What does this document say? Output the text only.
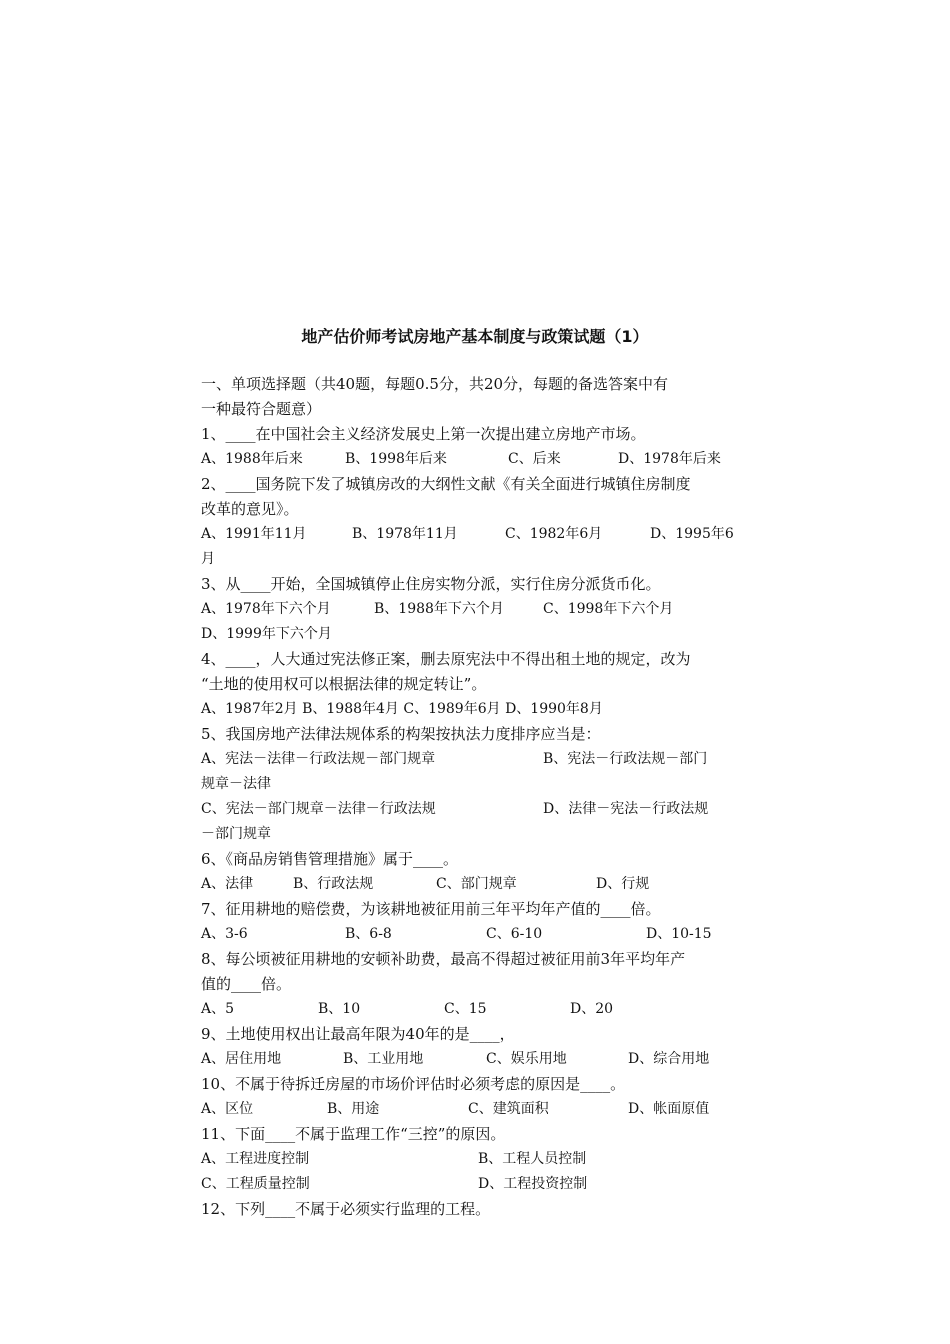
地产估价师考试房地产基本制度与政策试题（1）
一、单项选择题（共40题，每题0.5分，共20分，每题的备选答案中有
一种最符合题意）
1、____在中国社会主义经济发展史上第一次提出建立房地产市场。
A、1988年后来	B、1998年后来	C、后来	D、1978年后来
2、____国务院下发了城镇房改的大纲性文献《有关全面进行城镇住房制度
改革的意见》。
A、1991年11月	B、1978年11月	C、1982年6月	D、1995年6
月
3、从____开始，全国城镇停止住房实物分派，实行住房分派货币化。
A、1978年下六个月	B、1988年下六个月	C、1998年下六个月
D、1999年下六个月
4、____，人大通过宪法修正案，删去原宪法中不得出租土地的规定，改为
“土地的使用权可以根据法律的规定转让”。
A、1987年2月 B、1988年4月 C、1989年6月 D、1990年8月
5、我国房地产法律法规体系的构架按执法力度排序应当是：
A、宪法－法律－行政法规－部门规章	B、宪法－行政法规－部门
规章－法律
C、宪法－部门规章－法律－行政法规	D、法律－宪法－行政法规
－部门规章
6、《商品房销售管理措施》属于____。
A、法律	B、行政法规	C、部门规章	D、行规
7、征用耕地的赔偿费，为该耕地被征用前三年平均年产值的____倍。
A、3-6	B、6-8	C、6-10	D、10-15
8、每公顷被征用耕地的安顿补助费，最高不得超过被征用前3年平均年产
值的____倍。
A、5	B、10	C、15	D、20
9、土地使用权出让最高年限为40年的是____，
A、居住用地	B、工业用地	C、娱乐用地	D、综合用地
10、不属于待拆迁房屋的市场价评估时必须考虑的原因是____。
A、区位	B、用途	C、建筑面积	D、帐面原值
11、下面____不属于监理工作“三控”的原因。
A、工程进度控制	B、工程人员控制
C、工程质量控制	D、工程投资控制
12、下列____不属于必须实行监理的工程。
